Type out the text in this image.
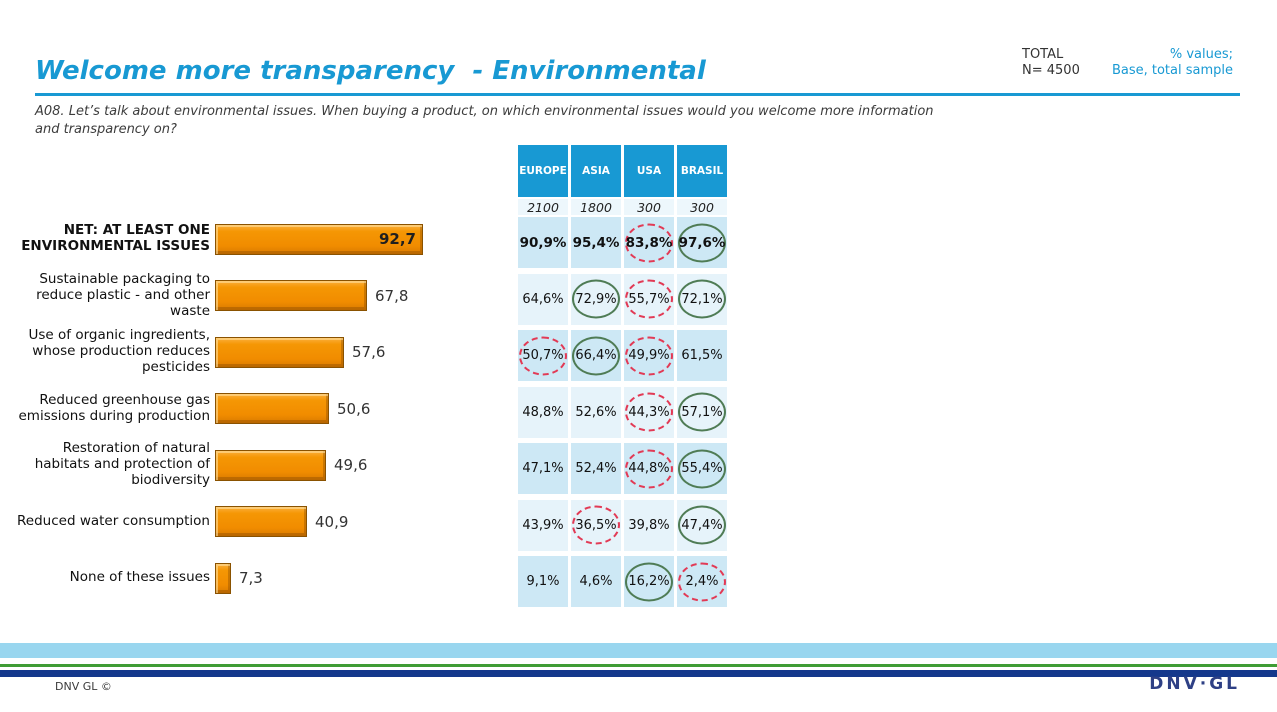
Welcome more transparency  - Environmental
TOTAL
N= 4500
% values;
Base, total sample
A08. Let’s talk about environmental issues. When buying a product, on which environmental issues would you welcome more information
and transparency on?
NET: AT LEAST ONE ENVIRONMENTAL ISSUES	92,7
Sustainable packaging to reduce plastic - and other waste
67,8
Use of organic ingredients, whose production reduces pesticides
57,6
Reduced greenhouse gas emissions during production	50,6
Restoration of natural habitats and protection of biodiversity
49,6
Reduced water consumption	40,9
None of these issues 7,3
EUROPE	ASIA	USA	BRASIL
2100	1800	300	300
90,9% 95,4% 83,8% 97,6%
64,6% 72,9% 55,7% 72,1%
50,7% 66,4% 49,9% 61,5%
48,8% 52,6% 44,3% 57,1%
47,1% 52,4% 44,8% 55,4%
43,9% 36,5% 39,8% 47,4%
9,1% 4,6% 16,2% 2,4%
DNV GL ©	DNV·GL
